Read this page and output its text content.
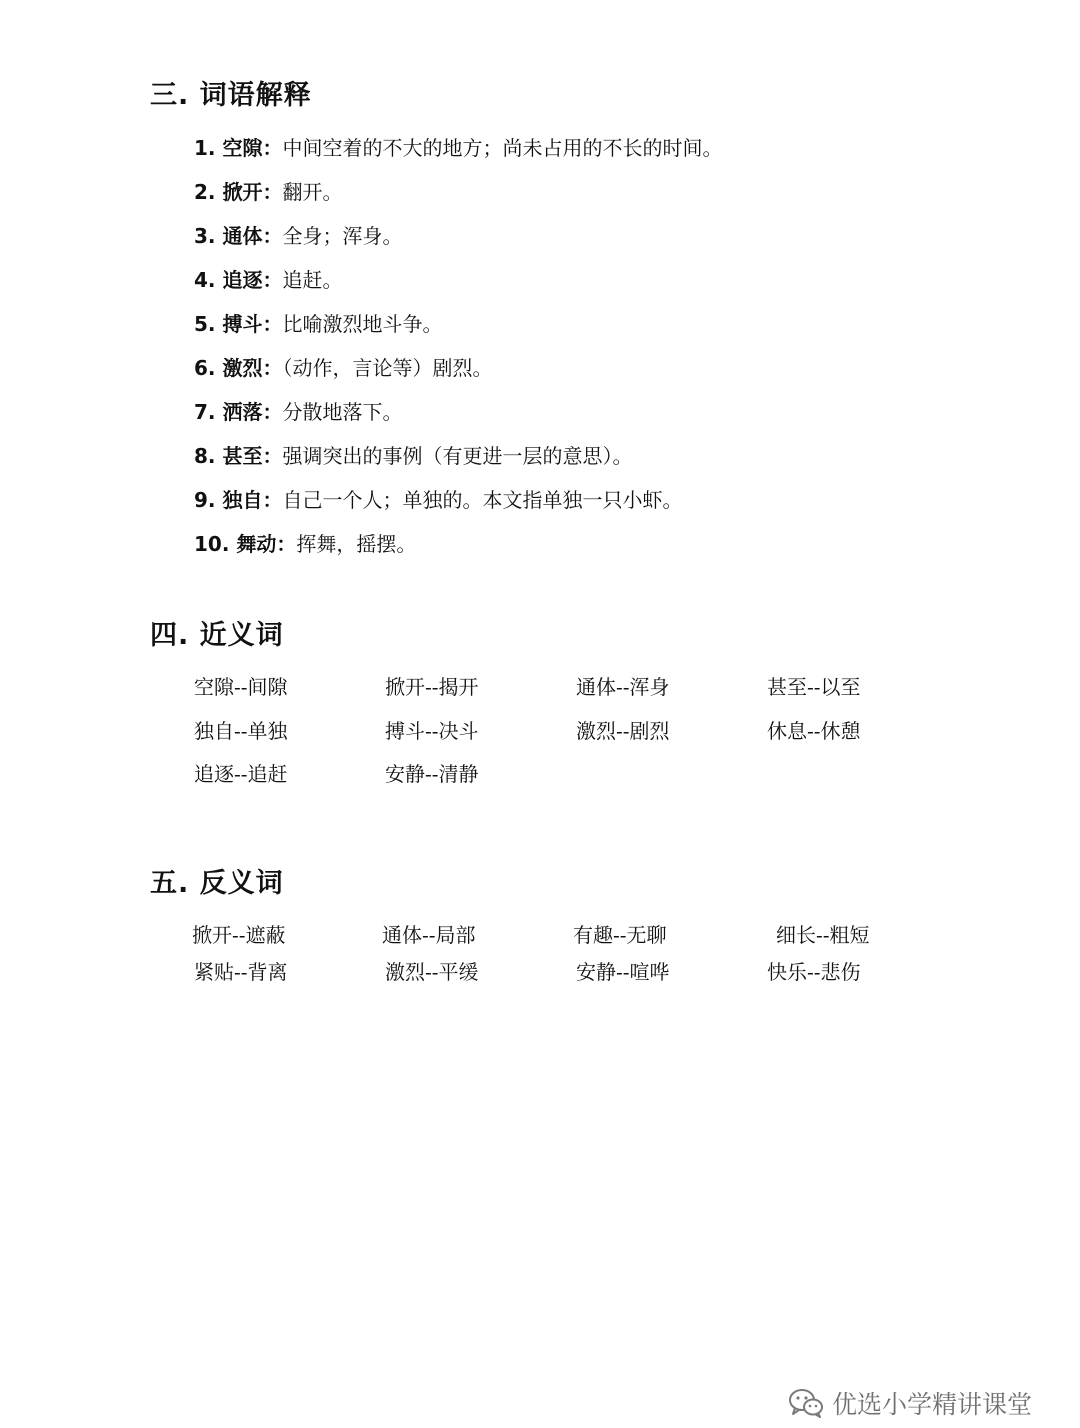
三. 词语解释
1. 空隙：中间空着的不大的地方；尚未占用的不长的时间。
2. 掀开：翻开。
3. 通体：全身；浑身。
4. 追逐：追赶。
5. 搏斗：比喻激烈地斗争。
6. 激烈：（动作，言论等）剧烈。
7. 洒落：分散地落下。
8. 甚至：强调突出的事例（有更进一层的意思）。
9. 独自：自己一个人；单独的。本文指单独一只小虾。
10. 舞动：挥舞，摇摆。
四. 近义词
空隙--间隙	掀开--揭开	通体--浑身	甚至--以至
独自--单独	搏斗--决斗	激烈--剧烈	休息--休憩
追逐--追赶	安静--清静
五. 反义词
掀开--遮蔽	通体--局部	有趣--无聊	细长--粗短
紧贴--背离	激烈--平缓	安静--喧哗	快乐--悲伤
优选小学精讲课堂
